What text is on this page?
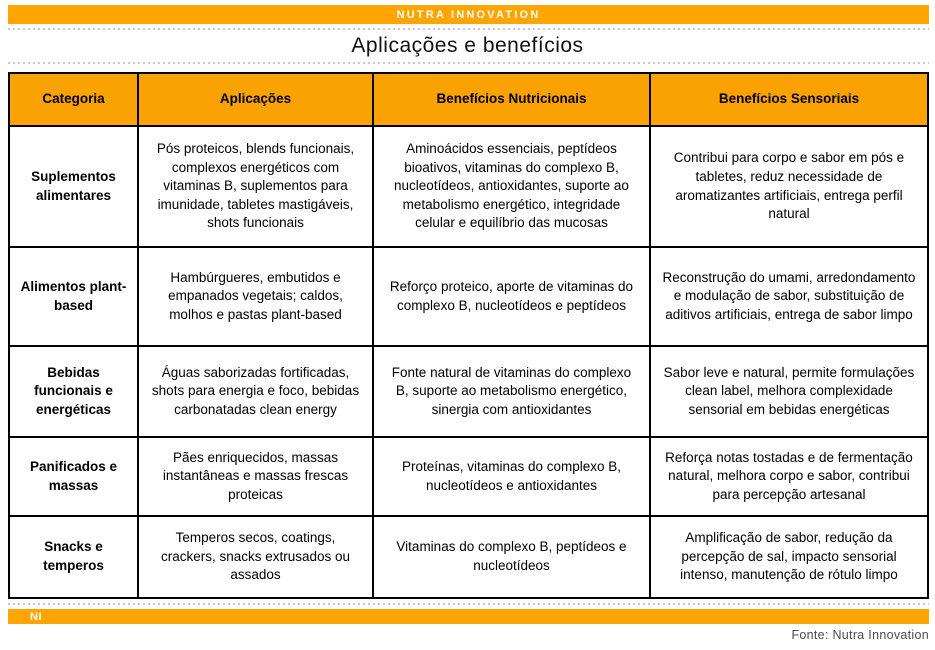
NUTRA INNOVATION
Aplicações e benefícios
Categoria	Aplicações	Benefícios Nutricionais	Benefícios Sensoriais
Suplementos alimentares	Pós proteicos, blends funcionais, complexos energéticos com vitaminas B, suplementos para imunidade, tabletes mastigáveis, shots funcionais	Aminoácidos essenciais, peptídeos bioativos, vitaminas do complexo B, nucleotídeos, antioxidantes, suporte ao metabolismo energético, integridade celular e equilíbrio das mucosas	Contribui para corpo e sabor em pós e tabletes, reduz necessidade de aromatizantes artificiais, entrega perfil natural
Alimentos plant-based	Hambúrgueres, embutidos e empanados vegetais; caldos, molhos e pastas plant-based	Reforço proteico, aporte de vitaminas do complexo B, nucleotídeos e peptídeos	Reconstrução do umami, arredondamento e modulação de sabor, substituição de aditivos artificiais, entrega de sabor limpo
Bebidas funcionais e energéticas	Águas saborizadas fortificadas, shots para energia e foco, bebidas carbonatadas clean energy	Fonte natural de vitaminas do complexo B, suporte ao metabolismo energético, sinergia com antioxidantes	Sabor leve e natural, permite formulações clean label, melhora complexidade sensorial em bebidas energéticas
Panificados e massas	Pães enriquecidos, massas instantâneas e massas frescas proteicas	Proteínas, vitaminas do complexo B, nucleotídeos e antioxidantes	Reforça notas tostadas e de fermentação natural, melhora corpo e sabor, contribui para percepção artesanal
Snacks e temperos	Temperos secos, coatings, crackers, snacks extrusados ou assados	Vitaminas do complexo B, peptídeos e nucleotídeos	Amplificação de sabor, redução da percepção de sal, impacto sensorial intenso, manutenção de rótulo limpo
NI
Fonte: Nutra Innovation
